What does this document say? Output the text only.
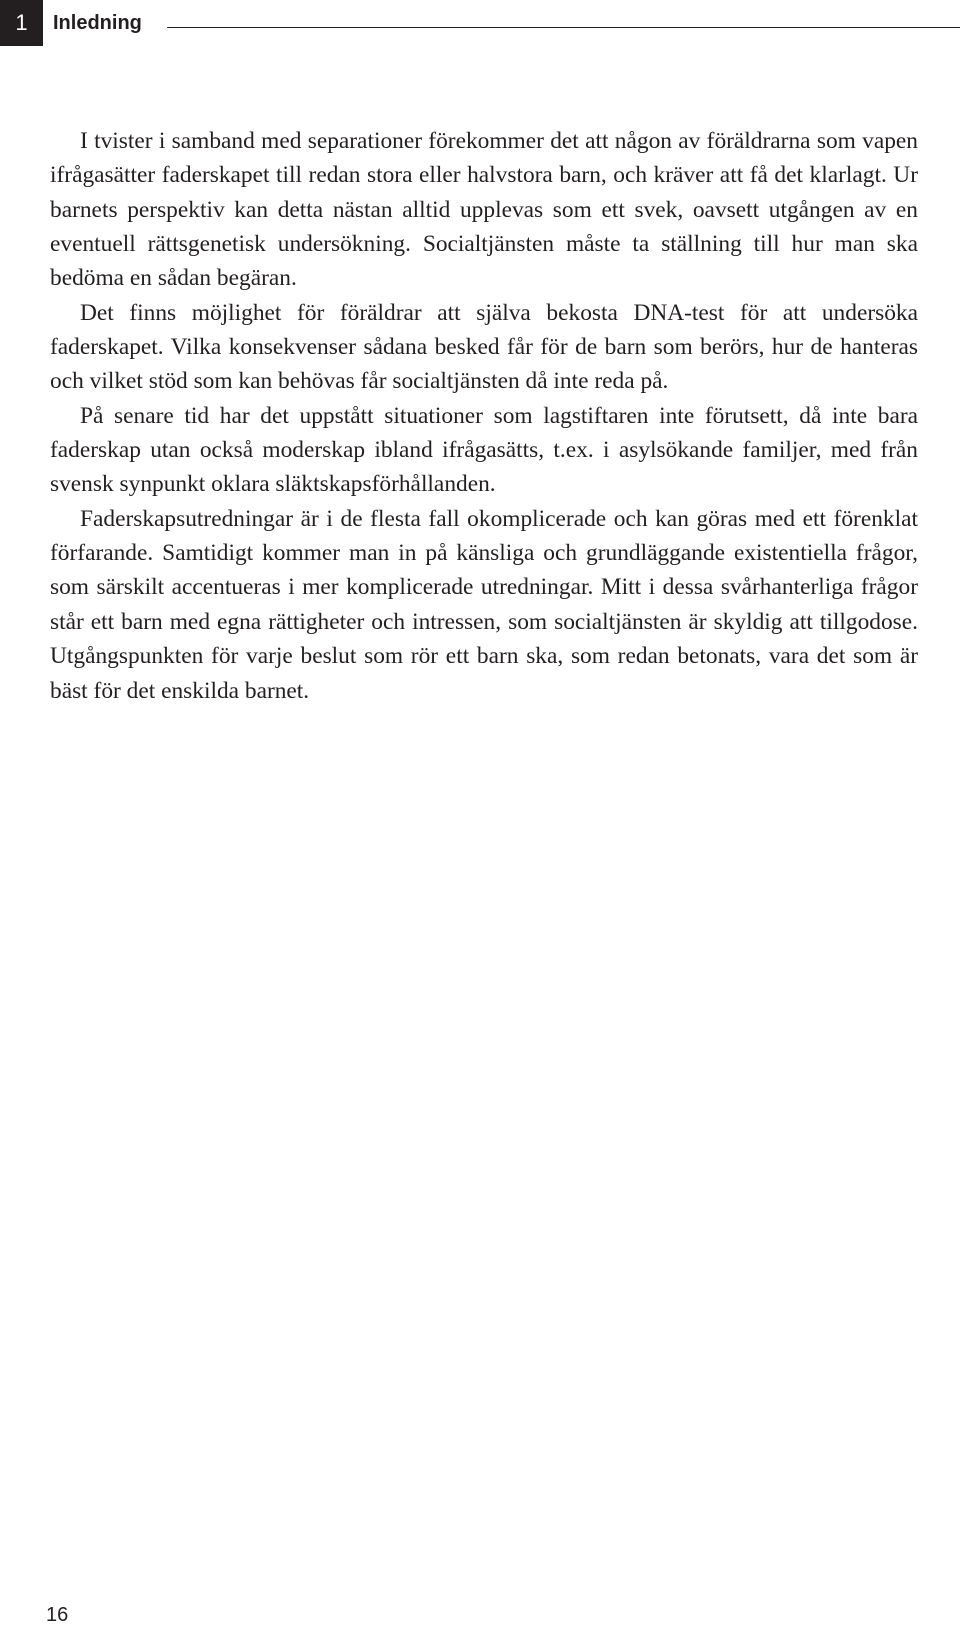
1	Inledning

I tvister i samband med separationer förekommer det att någon av föräldrarna som vapen ifrågasätter faderskapet till redan stora eller halvstora barn, och kräver att få det klarlagt. Ur barnets perspektiv kan detta nästan alltid upplevas som ett svek, oavsett utgången av en eventuell rättsgenetisk undersökning. Socialtjänsten måste ta ställning till hur man ska bedöma en sådan begäran.

Det finns möjlighet för föräldrar att själva bekosta DNA-test för att undersöka faderskapet. Vilka konsekvenser sådana besked får för de barn som berörs, hur de hanteras och vilket stöd som kan behövas får socialtjänsten då inte reda på.

På senare tid har det uppstått situationer som lagstiftaren inte förutsett, då inte bara faderskap utan också moderskap ibland ifrågasätts, t.ex. i asylsökande familjer, med från svensk synpunkt oklara släktskapsförhållanden.

Faderskapsutredningar är i de flesta fall okomplicerade och kan göras med ett förenklat förfarande. Samtidigt kommer man in på känsliga och grundläggande existentiella frågor, som särskilt accentueras i mer komplicerade utredningar. Mitt i dessa svårhanterliga frågor står ett barn med egna rättigheter och intressen, som socialtjänsten är skyldig att tillgodose. Utgångspunkten för varje beslut som rör ett barn ska, som redan betonats, vara det som är bäst för det enskilda barnet.

16
